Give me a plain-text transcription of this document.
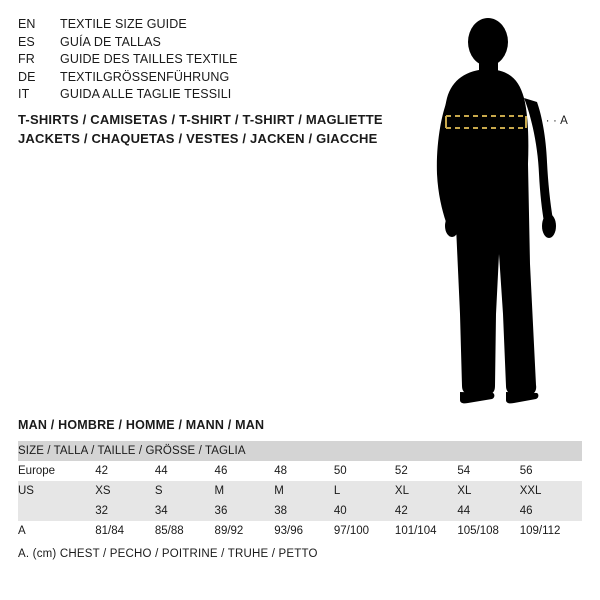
EN	TEXTILE SIZE GUIDE
ES	GUÍA DE TALLAS
FR	GUIDE DES TAILLES TEXTILE
DE	TEXTILGRÖSSENFÜHRUNG
IT	GUIDA ALLE TAGLIE TESSILI
T-SHIRTS / CAMISETAS / T-SHIRT / T-SHIRT / MAGLIETTE
JACKETS / CHAQUETAS / VESTES / JACKEN / GIACCHE
∙ ∙ A
MAN / HOMBRE / HOMME / MANN / MAN
SIZE / TALLA / TAILLE / GRÖSSE / TAGLIA								
Europe	42	44	46	48	50	52	54	56
US	XS	S	M	M	L	XL	XL	XXL
	32	34	36	38	40	42	44	46
A	81/84	85/88	89/92	93/96	97/100	101/104	105/108	109/112
A. (cm) CHEST / PECHO / POITRINE / TRUHE / PETTO
